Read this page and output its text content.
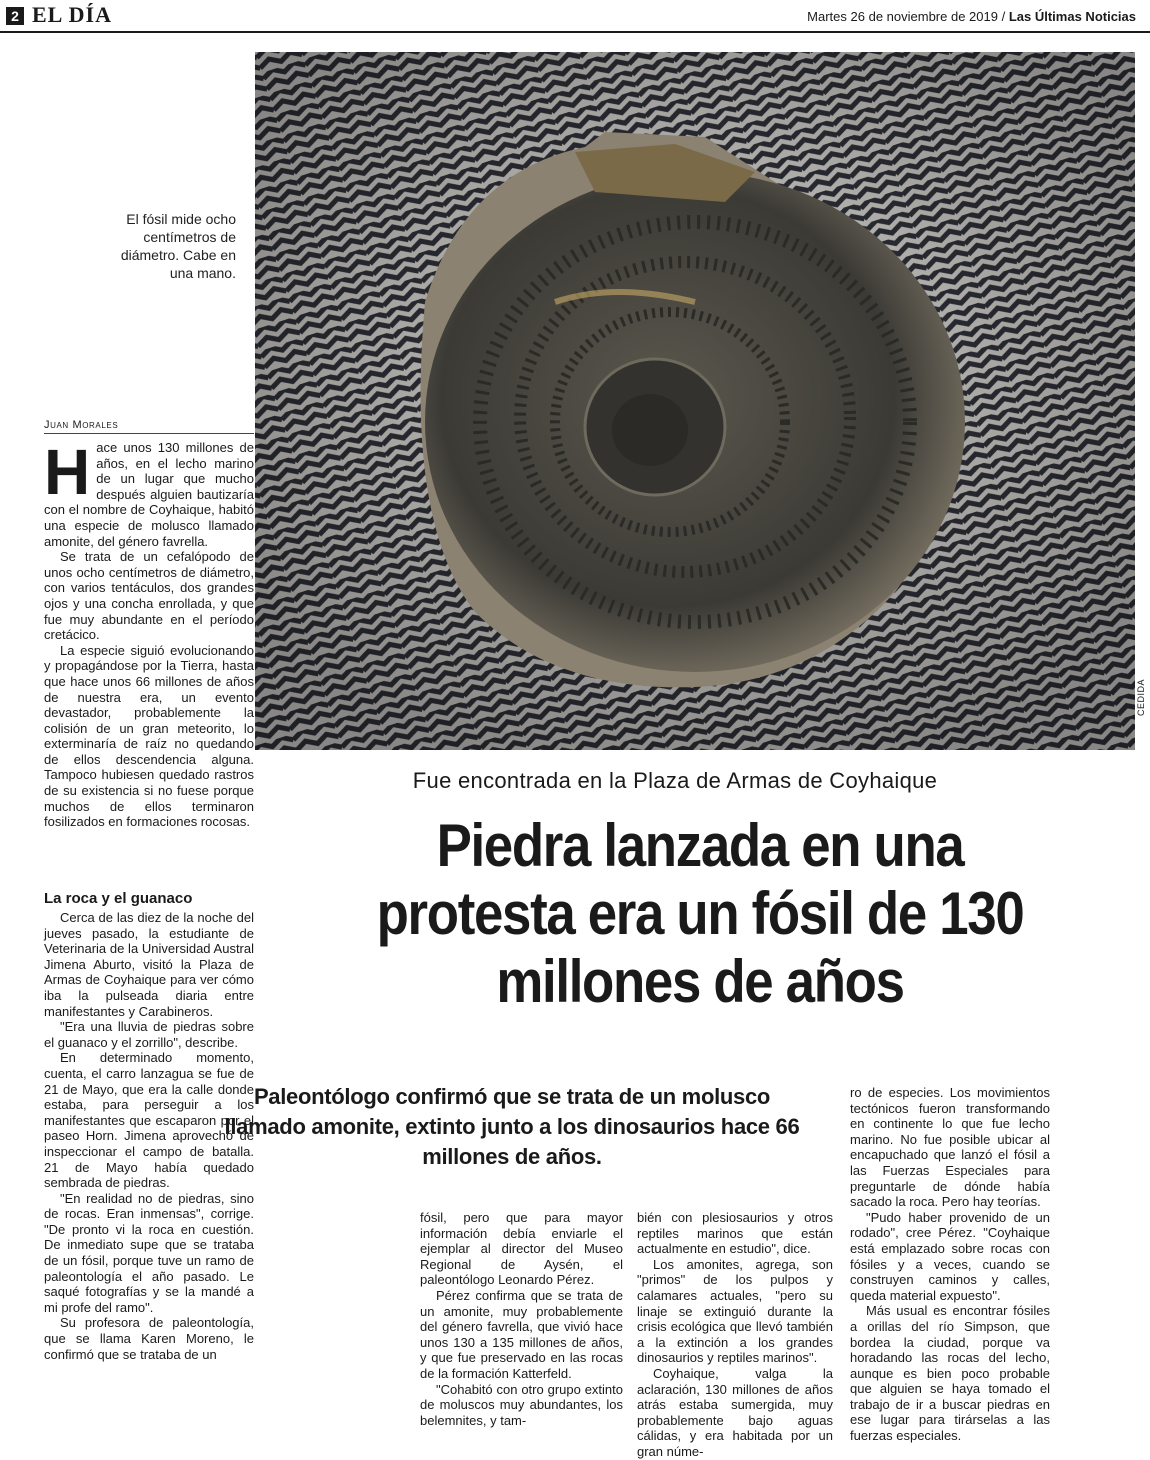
2 EL DÍA	Martes 26 de noviembre de 2019 / Las Últimas Noticias
CEDIDA
El fósil mide ocho centímetros de diámetro. Cabe en una mano.
Fue encontrada en la Plaza de Armas de Coyhaique
Piedra lanzada en una protesta era un fósil de 130 millones de años
Paleontólogo confirmó que se trata de un molusco llamado amonite, extinto junto a los dinosaurios hace 66 millones de años.
Juan Morales

Hace unos 130 millones de años, en el lecho marino de un lugar que mucho después alguien bautizaría con el nombre de Coyhaique, habitó una especie de molusco llamado amonite, del género favrella.

Se trata de un cefalópodo de unos ocho centímetros de diámetro, con varios tentáculos, dos grandes ojos y una concha enrollada, y que fue muy abundante en el período cretácico.

La especie siguió evolucionando y propagándose por la Tierra, hasta que hace unos 66 millones de años de nuestra era, un evento devastador, probablemente la colisión de un gran meteorito, lo exterminaría de raíz no quedando de ellos descendencia alguna. Tampoco hubiesen quedado rastros de su existencia si no fuese porque muchos de ellos terminaron fosilizados en formaciones rocosas.

La roca y el guanaco

Cerca de las diez de la noche del jueves pasado, la estudiante de Veterinaria de la Universidad Austral Jimena Aburto, visitó la Plaza de Armas de Coyhaique para ver cómo iba la pulseada diaria entre manifestantes y Carabineros.

"Era una lluvia de piedras sobre el guanaco y el zorrillo", describe.

En determinado momento, cuenta, el carro lanzagua se fue de 21 de Mayo, que era la calle donde estaba, para perseguir a los manifestantes que escaparon por el paseo Horn. Jimena aprovechó de inspeccionar el campo de batalla. 21 de Mayo había quedado sembrada de piedras.

"En realidad no de piedras, sino de rocas. Eran inmensas", corrige. "De pronto vi la roca en cuestión. De inmediato supe que se trataba de un fósil, porque tuve un ramo de paleontología el año pasado. Le saqué fotografías y se la mandé a mi profe del ramo".

Su profesora de paleontología, que se llama Karen Moreno, le confirmó que se trataba de un

fósil, pero que para mayor información debía enviarle el ejemplar al director del Museo Regional de Aysén, el paleontólogo Leonardo Pérez.

Pérez confirma que se trata de un amonite, muy probablemente del género favrella, que vivió hace unos 130 a 135 millones de años, y que fue preservado en las rocas de la formación Katterfeld.

"Cohabitó con otro grupo extinto de moluscos muy abundantes, los belemnites, y tam-

bién con plesiosaurios y otros reptiles marinos que están actualmente en estudio", dice.

Los amonites, agrega, son "primos" de los pulpos y calamares actuales, "pero su linaje se extinguió durante la crisis ecológica que llevó también a la extinción a los grandes dinosaurios y reptiles marinos".

Coyhaique, valga la aclaración, 130 millones de años atrás estaba sumergida, muy probablemente bajo aguas cálidas, y era habitada por un gran núme-

ro de especies. Los movimientos tectónicos fueron transformando en continente lo que fue lecho marino. No fue posible ubicar al encapuchado que lanzó el fósil a las Fuerzas Especiales para preguntarle de dónde había sacado la roca. Pero hay teorías.

"Pudo haber provenido de un rodado", cree Pérez. "Coyhaique está emplazado sobre rocas con fósiles y a veces, cuando se construyen caminos y calles, queda material expuesto".

Más usual es encontrar fósiles a orillas del río Simpson, que bordea la ciudad, porque va horadando las rocas del lecho, aunque es bien poco probable que alguien se haya tomado el trabajo de ir a buscar piedras en ese lugar para tirárselas a las fuerzas especiales.
